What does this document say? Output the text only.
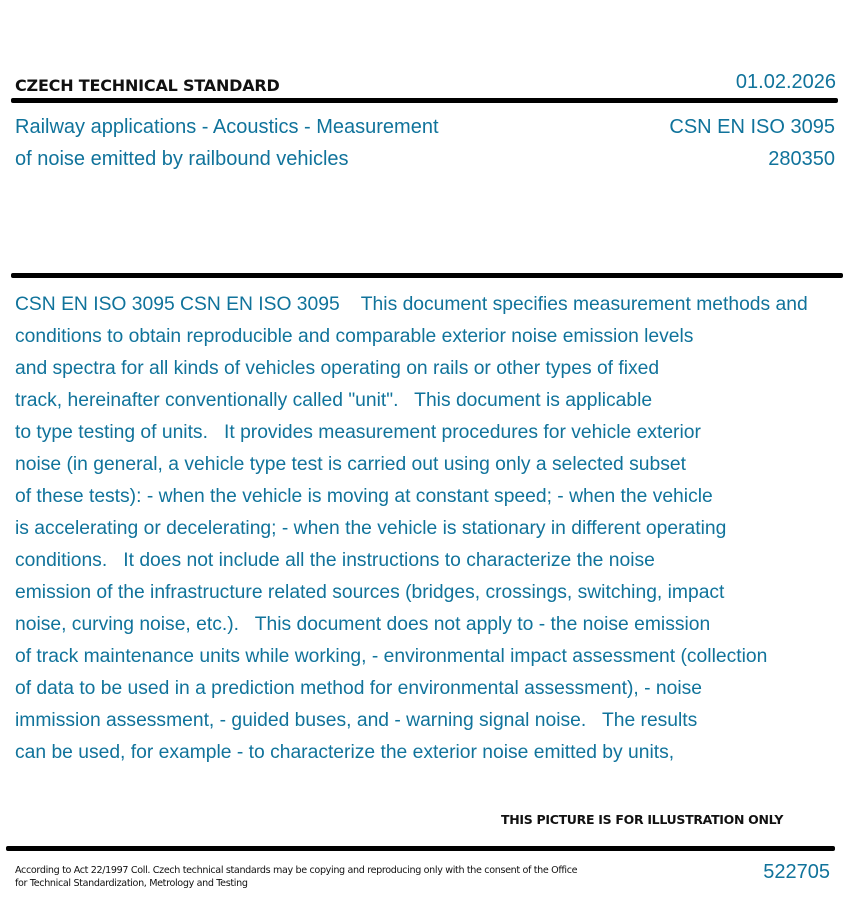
CZECH TECHNICAL STANDARD	01.02.2026
Railway applications - Acoustics - Measurement
of noise emitted by railbound vehicles
CSN EN ISO 3095
280350
CSN EN ISO 3095 CSN EN ISO 3095    This document specifies measurement methods and
conditions to obtain reproducible and comparable exterior noise emission levels
and spectra for all kinds of vehicles operating on rails or other types of fixed
track, hereinafter conventionally called "unit".   This document is applicable
to type testing of units.   It provides measurement procedures for vehicle exterior
noise (in general, a vehicle type test is carried out using only a selected subset
of these tests): - when the vehicle is moving at constant speed; - when the vehicle
is accelerating or decelerating; - when the vehicle is stationary in different operating
conditions.   It does not include all the instructions to characterize the noise
emission of the infrastructure related sources (bridges, crossings, switching, impact
noise, curving noise, etc.).   This document does not apply to - the noise emission
of track maintenance units while working, - environmental impact assessment (collection
of data to be used in a prediction method for environmental assessment), - noise
immission assessment, - guided buses, and - warning signal noise.   The results
can be used, for example - to characterize the exterior noise emitted by units,
THIS PICTURE IS FOR ILLUSTRATION ONLY
According to Act 22/1997 Coll. Czech technical standards may be copying and reproducing only with the consent of the Office
for Technical Standardization, Metrology and Testing
522705
